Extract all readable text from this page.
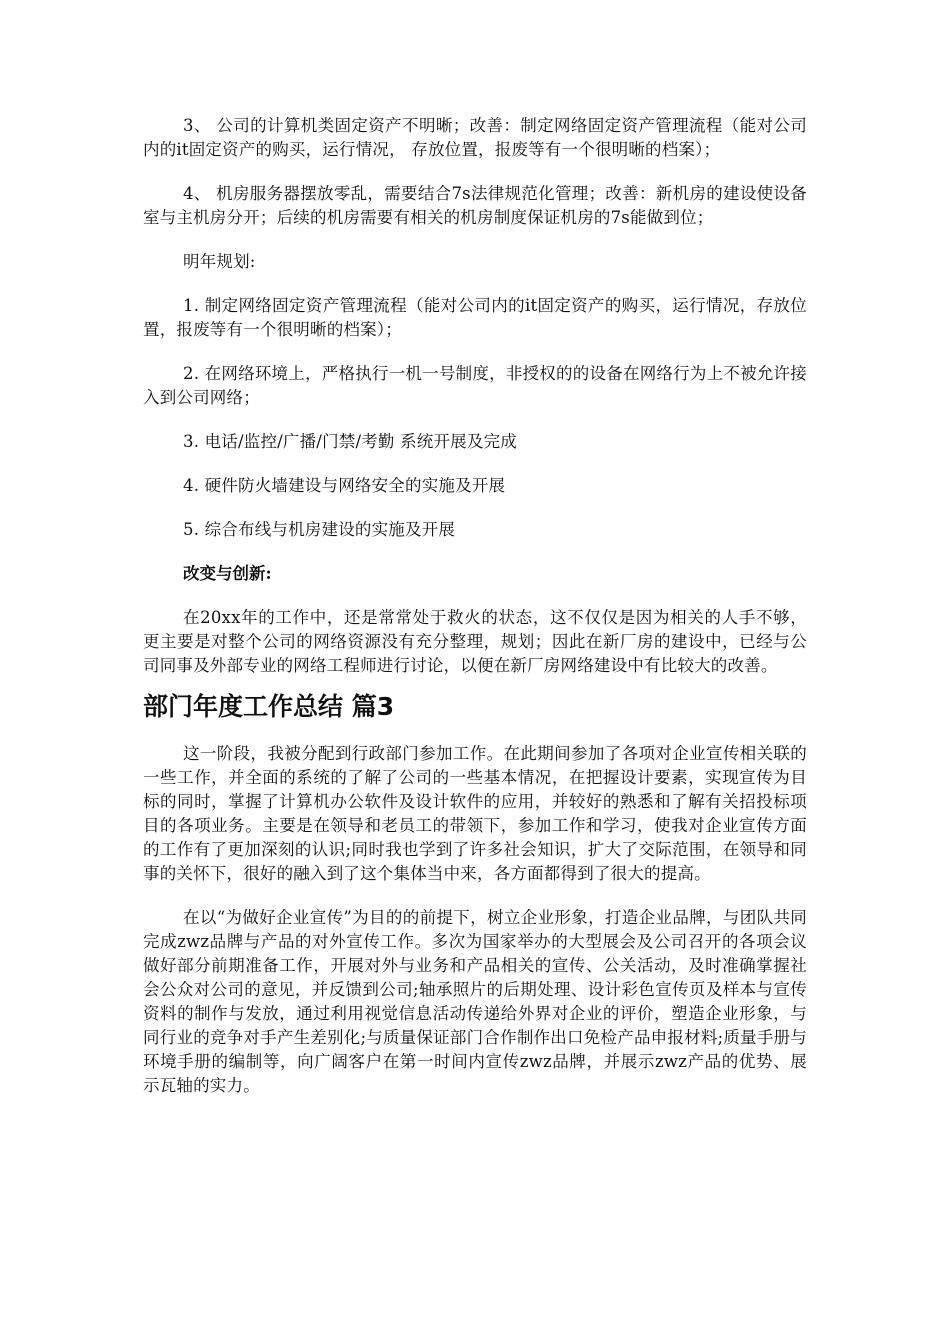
3、 公司的计算机类固定资产不明晰；改善：制定网络固定资产管理流程（能对公司内的it固定资产的购买，运行情况， 存放位置，报废等有一个很明晰的档案）；

4、 机房服务器摆放零乱，需要结合7s法律规范化管理；改善：新机房的建设使设备室与主机房分开；后续的机房需要有相关的机房制度保证机房的7s能做到位；

明年规划:

1. 制定网络固定资产管理流程（能对公司内的it固定资产的购买，运行情况，存放位置，报废等有一个很明晰的档案）；

2. 在网络环境上，严格执行一机一号制度，非授权的的设备在网络行为上不被允许接 入到公司网络；

3. 电话/监控/广播/门禁/考勤 系统开展及完成

4. 硬件防火墙建设与网络安全的实施及开展

5. 综合布线与机房建设的实施及开展

改变与创新:

在20xx年的工作中，还是常常处于救火的状态，这不仅仅是因为相关的人手不够，更主要是对整个公司的网络资源没有充分整理，规划；因此在新厂房的建设中，已经与公司同事及外部专业的网络工程师进行讨论，以便在新厂房网络建设中有比较大的改善。

部门年度工作总结 篇3

这一阶段，我被分配到行政部门参加工作。在此期间参加了各项对企业宣传相关联的一些工作，并全面的系统的了解了公司的一些基本情况，在把握设计要素，实现宣传为目标的同时，掌握了计算机办公软件及设计软件的应用，并较好的熟悉和了解有关招投标项目的各项业务。主要是在领导和老员工的带领下，参加工作和学习，使我对企业宣传方面的工作有了更加深刻的认识;同时我也学到了许多社会知识，扩大了交际范围，在领导和同事的关怀下，很好的融入到了这个集体当中来，各方面都得到了很大的提高。

在以“为做好企业宣传”为目的的前提下，树立企业形象，打造企业品牌，与团队共同完成zwz品牌与产品的对外宣传工作。多次为国家举办的大型展会及公司召开的各项会议做好部分前期准备工作，开展对外与业务和产品相关的宣传、公关活动，及时准确掌握社会公众对公司的意见，并反馈到公司;轴承照片的后期处理、设计彩色宣传页及样本与宣传资料的制作与发放，通过利用视觉信息活动传递给外界对企业的评价，塑造企业形象，与同行业的竞争对手产生差别化;与质量保证部门合作制作出口免检产品申报材料;质量手册与环境手册的编制等，向广阔客户在第一时间内宣传zwz品牌，并展示zwz产品的优势、展示瓦轴的实力。
